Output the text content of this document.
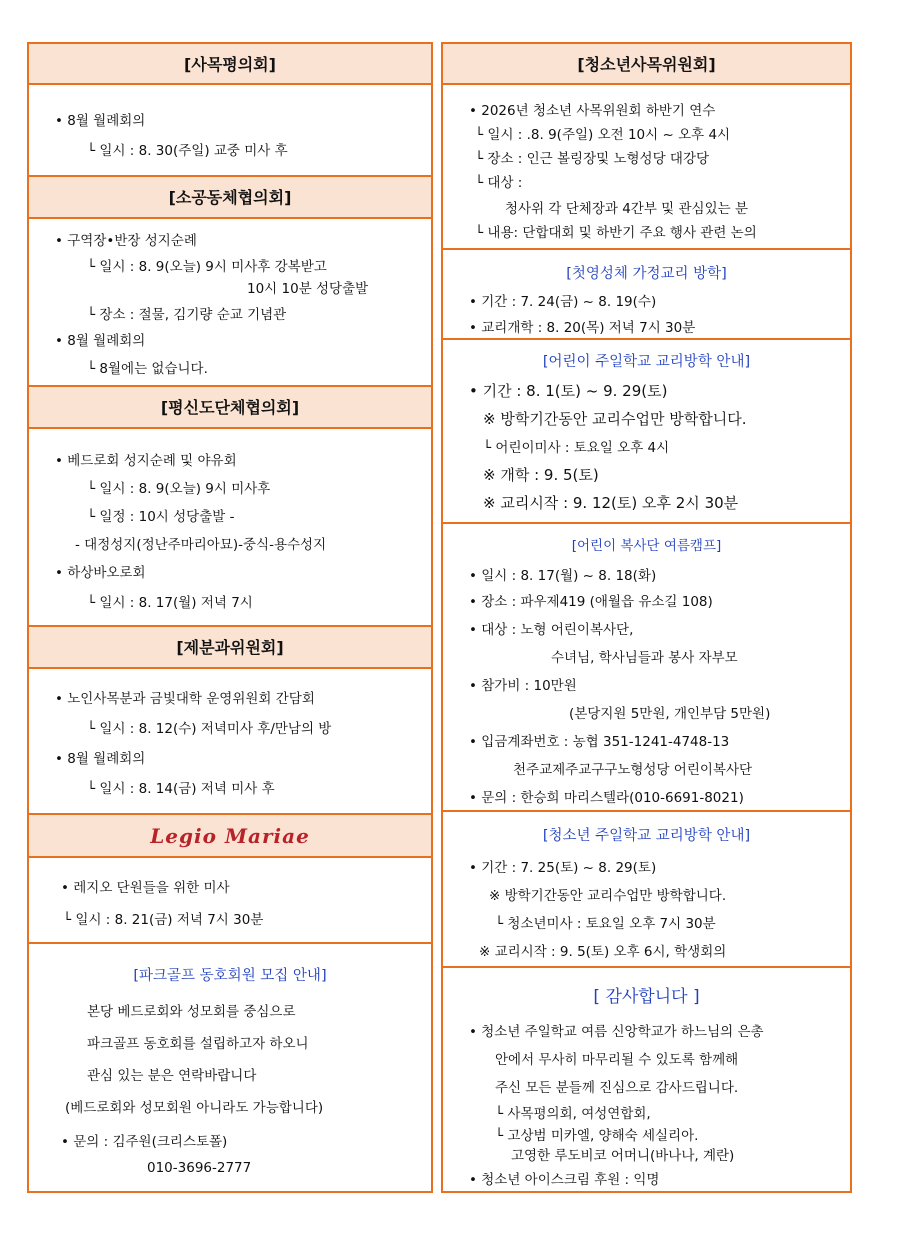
[사목평의회]
• 8월 월례회의
└ 일시 : 8. 30(주일) 교중 미사 후
[소공동체협의회]
• 구역장•반장 성지순례
└ 일시 : 8. 9(오늘) 9시 미사후 강복받고
10시 10분 성당출발
└ 장소 : 절물, 김기량 순교 기념관
• 8월 월례회의
└ 8월에는 없습니다.
[평신도단체협의회]
• 베드로회 성지순례 및 야유회
└ 일시 : 8. 9(오늘) 9시 미사후
└ 일정 : 10시 성당출발 -
- 대정성지(정난주마리아묘)-중식-용수성지
• 하상바오로회
└ 일시 : 8. 17(월) 저녁 7시
[제분과위원회]
• 노인사목분과 금빛대학 운영위원회 간담회
└ 일시 : 8. 12(수) 저녁미사 후/만남의 방
• 8월 월례회의
└ 일시 : 8. 14(금) 저녁 미사 후
Legio Mariae
• 레지오 단원들을 위한 미사
└ 일시 : 8. 21(금) 저녁 7시 30분
[파크골프 동호회원 모집 안내]
본당 베드로회와 성모회를 중심으로
파크골프 동호회를 설립하고자 하오니
관심 있는 분은 연락바랍니다
(베드로회와 성모회원 아니라도 가능합니다)
• 문의 : 김주원(크리스토폴)
010-3696-2777
[청소년사목위원회]
• 2026년 청소년 사목위원회 하반기 연수
└ 일시 : .8. 9(주일) 오전 10시 ~ 오후 4시
└ 장소 : 인근 볼링장및 노형성당 대강당
└ 대상 :
청사위 각 단체장과 4간부 및 관심있는 분
└ 내용: 단합대회 및 하반기 주요 행사 관련 논의
[첫영성체 가정교리 방학]
• 기간 : 7. 24(금) ~ 8. 19(수)
• 교리개학 : 8. 20(목) 저녁 7시 30분
[어린이 주일학교 교리방학 안내]
• 기간 : 8. 1(토) ~ 9. 29(토)
※ 방학기간동안 교리수업만 방학합니다.
└ 어린이미사 : 토요일 오후 4시
※ 개학 : 9. 5(토)
※ 교리시작 : 9. 12(토) 오후 2시 30분
[어린이 복사단 여름캠프]
• 일시 : 8. 17(월) ~ 8. 18(화)
• 장소 : 파우제419 (애월읍 유소길 108)
• 대상 : 노형 어린이복사단,
수녀님, 학사님들과 봉사 자부모
• 참가비 : 10만원
(본당지원 5만원, 개인부담 5만원)
• 입금계좌번호 : 농협 351-1241-4748-13
천주교제주교구구노형성당 어린이복사단
• 문의 : 한승희 마리스텔라(010-6691-8021)
[청소년 주일학교 교리방학 안내]
• 기간 : 7. 25(토) ~ 8. 29(토)
※ 방학기간동안 교리수업만 방학합니다.
└ 청소년미사 : 토요일 오후 7시 30분
※ 교리시작 : 9. 5(토) 오후 6시, 학생회의
[ 감사합니다 ]
• 청소년 주일학교 여름 신앙학교가 하느님의 은총
안에서 무사히 마무리될 수 있도록 함께해
주신 모든 분들께 진심으로 감사드립니다.
└ 사목평의회, 여성연합회,
└ 고상범 미카엘, 양해숙 세실리아.
고영한 루도비코 어머니(바나나, 계란)
• 청소년 아이스크림 후원 : 익명
